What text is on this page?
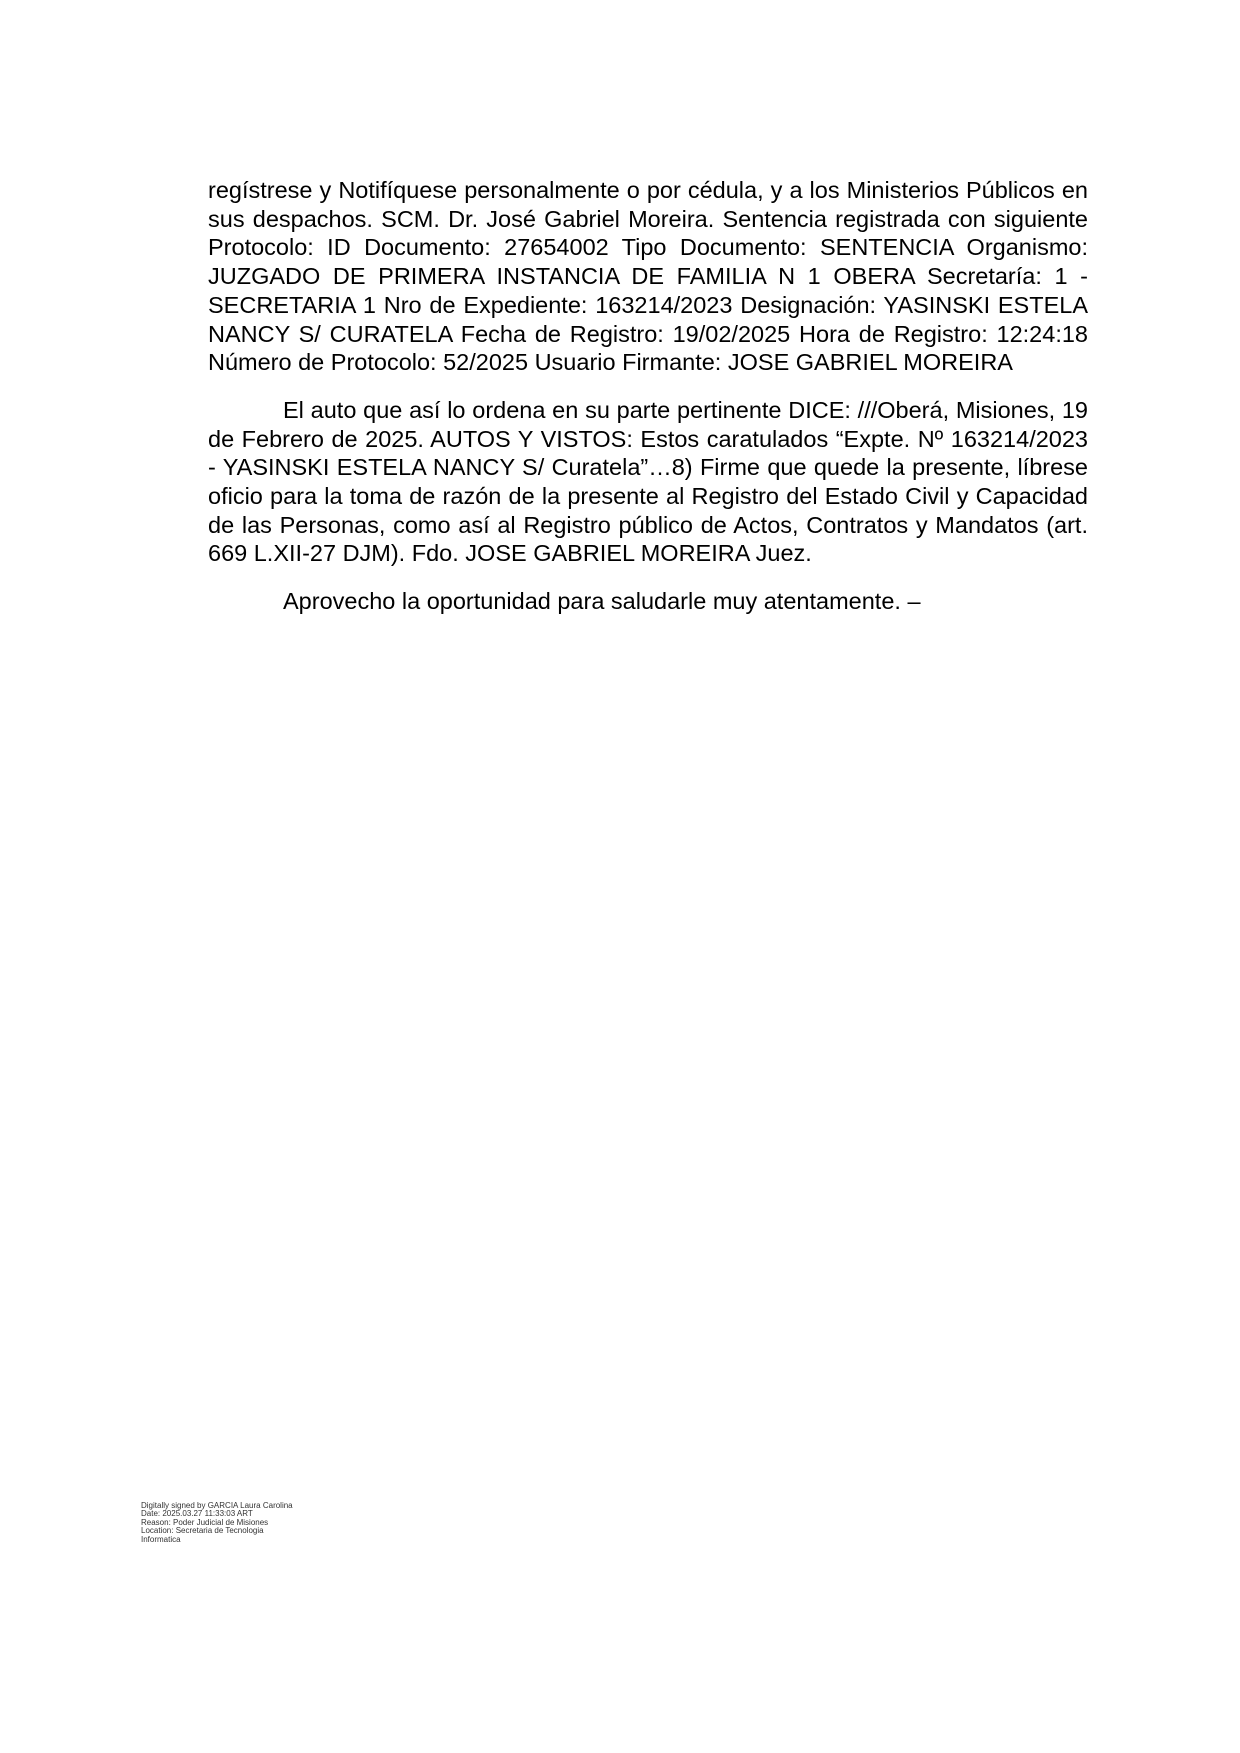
regístrese y Notifíquese personalmente o por cédula, y a los Ministerios Públicos en sus despachos. SCM. Dr. José Gabriel Moreira. Sentencia registrada con siguiente Protocolo: ID Documento: 27654002 Tipo Documento: SENTENCIA Organismo: JUZGADO DE PRIMERA INSTANCIA DE FAMILIA N 1 OBERA Secretaría: 1 - SECRETARIA 1 Nro de Expediente: 163214/2023 Designación: YASINSKI ESTELA NANCY S/ CURATELA Fecha de Registro: 19/02/2025 Hora de Registro: 12:24:18 Número de Protocolo: 52/2025 Usuario Firmante: JOSE GABRIEL MOREIRA

El auto que así lo ordena en su parte pertinente DICE: ///Oberá, Misiones, 19 de Febrero de 2025. AUTOS Y VISTOS: Estos caratulados “Expte. Nº 163214/2023 - YASINSKI ESTELA NANCY S/ Curatela”…8) Firme que quede la presente, líbrese oficio para la toma de razón de la presente al Registro del Estado Civil y Capacidad de las Personas, como así al Registro público de Actos, Contratos y Mandatos (art. 669 L.XII-27 DJM). Fdo. JOSE GABRIEL MOREIRA Juez.

Aprovecho la oportunidad para saludarle muy atentamente. –

Digitally signed by GARCIA Laura Carolina
Date: 2025.03.27 11:33:03 ART
Reason: Poder Judicial de Misiones
Location: Secretaria de Tecnologia
Informatica
